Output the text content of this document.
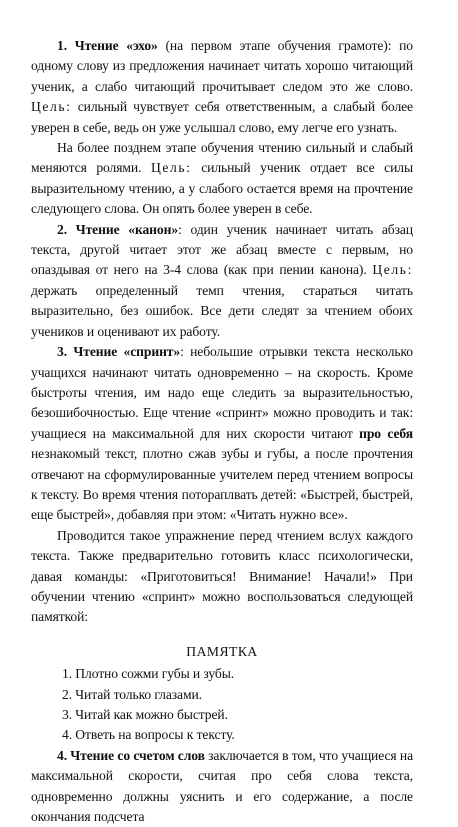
1. Чтение «эхо» (на первом этапе обучения грамоте): по одному слову из предложения начинает читать хорошо читающий ученик, а слабо читающий прочитывает следом это же слово. Цель: сильный чувствует себя ответственным, а слабый более уверен в себе, ведь он уже услышал слово, ему легче его узнать.

На более позднем этапе обучения чтению сильный и слабый меняются ролями. Цель: сильный ученик отдает все силы выразительному чтению, а у слабого остается время на прочтение следующего слова. Он опять более уверен в себе.

2. Чтение «канон»: один ученик начинает читать абзац текста, другой читает этот же абзац вместе с первым, но опаздывая от него на 3-4 слова (как при пении канона). Цель: держать определенный темп чтения, стараться читать выразительно, без ошибок. Все дети следят за чтением обоих учеников и оценивают их работу.

3. Чтение «спринт»: небольшие отрывки текста несколько учащихся начинают читать одновременно – на скорость. Кроме быстроты чтения, им надо еще следить за выразительностью, безошибочностью. Еще чтение «спринт» можно проводить и так: учащиеся на максимальной для них скорости читают про себя незнакомый текст, плотно сжав зубы и губы, а после прочтения отвечают на сформулированные учителем перед чтением вопросы к тексту. Во время чтения потораплвать детей: «Быстрей, быстрей, еще быстрей», добавляя при этом: «Читать нужно все».

Проводится такое упражнение перед чтением вслух каждого текста. Также предварительно готовить класс психологически, давая команды: «Приготовиться! Внимание! Начали!» При обучении чтению «спринт» можно воспользоваться следующей памяткой:

ПАМЯТКА
1. Плотно сожми губы и зубы.
2. Читай только глазами.
3. Читай как можно быстрей.
4. Ответь на вопросы к тексту.

4. Чтение со счетом слов заключается в том, что учащиеся на максимальной скорости, считая про себя слова текста, одновременно должны уяснить и его содержание, а после окончания подсчета
